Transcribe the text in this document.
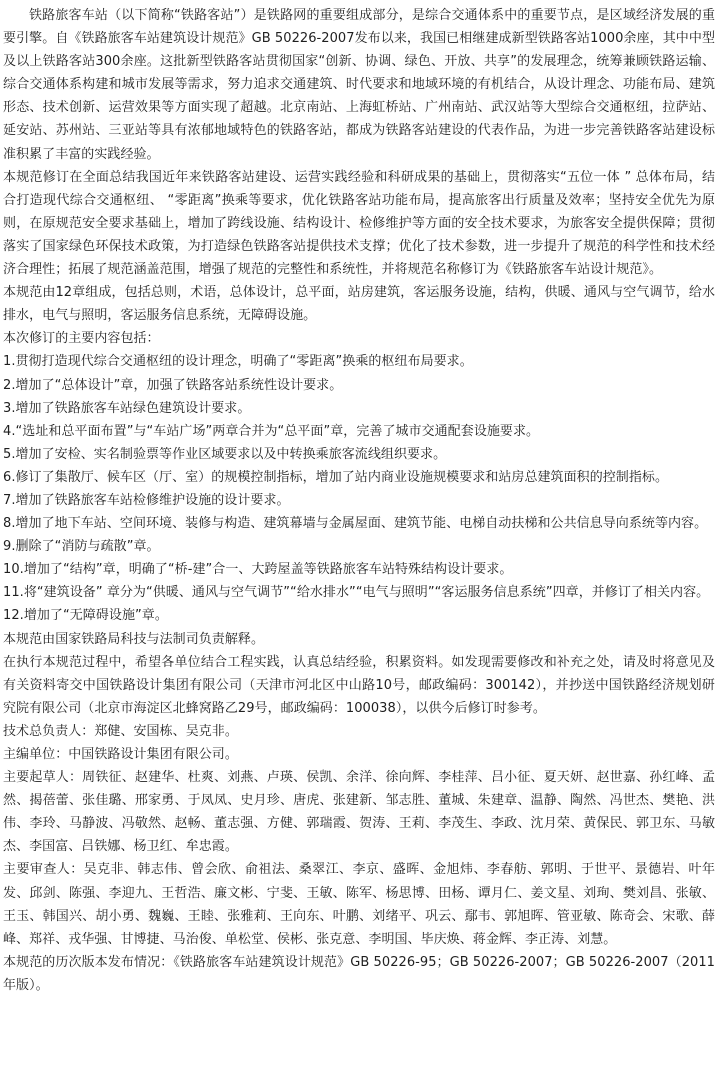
铁路旅客车站（以下简称“铁路客站”）是铁路网的重要组成部分，是综合交通体系中的重要节点，是区域经济发展的重要引擎。自《铁路旅客车站建筑设计规范》GB 50226-2007发布以来，我国已相继建成新型铁路客站1000余座，其中中型及以上铁路客站300余座。这批新型铁路客站贯彻国家“创新、协调、绿色、开放、共享”的发展理念，统筹兼顾铁路运输、综合交通体系构建和城市发展等需求，努力追求交通建筑、时代要求和地域环境的有机结合，从设计理念、功能布局、建筑形态、技术创新、运营效果等方面实现了超越。北京南站、上海虹桥站、广州南站、武汉站等大型综合交通枢纽，拉萨站、延安站、苏州站、三亚站等具有浓郁地域特色的铁路客站，都成为铁路客站建设的代表作品，为进一步完善铁路客站建设标准积累了丰富的实践经验。

本规范修订在全面总结我国近年来铁路客站建设、运营实践经验和科研成果的基础上，贯彻落实“五位一体 ” 总体布局，结合打造现代综合交通枢纽、 “零距离”换乘等要求，优化铁路客站功能布局，提高旅客出行质量及效率；坚持安全优先为原则，在原规范安全要求基础上，增加了跨线设施、结构设计、检修维护等方面的安全技术要求，为旅客安全提供保障；贯彻落实了国家绿色环保技术政策，为打造绿色铁路客站提供技术支撑；优化了技术参数，进一步提升了规范的科学性和技术经济合理性；拓展了规范涵盖范围，增强了规范的完整性和系统性，并将规范名称修订为《铁路旅客车站设计规范》。

本规范由12章组成，包括总则，术语，总体设计，总平面，站房建筑，客运服务设施，结构，供暖、通风与空气调节，给水排水，电气与照明，客运服务信息系统，无障碍设施。

本次修订的主要内容包括：

1.贯彻打造现代综合交通枢纽的设计理念，明确了“零距离”换乘的枢纽布局要求。

2.增加了“总体设计”章，加强了铁路客站系统性设计要求。

3.增加了铁路旅客车站绿色建筑设计要求。

4.“选址和总平面布置”与“车站广场”两章合并为“总平面”章，完善了城市交通配套设施要求。

5.增加了安检、实名制验票等作业区域要求以及中转换乘旅客流线组织要求。

6.修订了集散厅、候车区（厅、室）的规模控制指标，增加了站内商业设施规模要求和站房总建筑面积的控制指标。

7.增加了铁路旅客车站检修维护设施的设计要求。

8.增加了地下车站、空间环境、装修与构造、建筑幕墙与金属屋面、建筑节能、电梯自动扶梯和公共信息导向系统等内容。

9.删除了“消防与疏散”章。

10.增加了“结构”章，明确了“桥-建”合一、大跨屋盖等铁路旅客车站特殊结构设计要求。

11.将“建筑设备” 章分为“供暖、通风与空气调节”“给水排水”“电气与照明”“客运服务信息系统”四章，并修订了相关内容。

12.增加了“无障碍设施”章。

本规范由国家铁路局科技与法制司负责解释。

在执行本规范过程中，希望各单位结合工程实践，认真总结经验，积累资料。如发现需要修改和补充之处，请及时将意见及有关资料寄交中国铁路设计集团有限公司（天津市河北区中山路10号，邮政编码：300142），并抄送中国铁路经济规划研究院有限公司（北京市海淀区北蜂窝路乙29号，邮政编码：100038），以供今后修订时参考。

技术总负责人：郑健、安国栋、吴克非。

主编单位：中国铁路设计集团有限公司。

主要起草人：周铁征、赵建华、杜爽、刘燕、卢瑛、侯凯、余洋、徐向辉、李桂萍、吕小征、夏天妍、赵世嘉、孙红峰、孟然、揭蓓蕾、张佳璐、邢家勇、于凤凤、史月珍、唐虎、张建新、邹志胜、董城、朱建章、温静、陶然、冯世杰、樊艳、洪伟、李玲、马静波、冯敬然、赵畅、董志强、方健、郭瑞霞、贺涛、王莉、李茂生、李政、沈月荣、黄保民、郭卫东、马敏杰、李国富、吕铁娜、杨卫红、牟忠霞。

主要审查人：吴克非、韩志伟、曾会欣、俞祖法、桑翠江、李京、盛晖、金旭炜、李春舫、郭明、于世平、景德岩、叶年发、邱剑、陈强、李迎九、王哲浩、廉文彬、宁斐、王敏、陈军、杨思博、田杨、谭月仁、姜文星、刘珣、樊刘昌、张敏、王玉、韩国兴、胡小勇、魏巍、王睦、张雅莉、王向东、叶鹏、刘绪平、巩云、鄢韦、郭旭晖、管亚敏、陈奇会、宋歌、薛峰、郑祥、戎华强、甘博捷、马治俊、单松堂、侯彬、张克意、李明国、毕庆焕、蒋金辉、李正涛、刘慧。

本规范的历次版本发布情况：《铁路旅客车站建筑设计规范》GB 50226-95；GB 50226-2007；GB 50226-2007（2011年版）。
